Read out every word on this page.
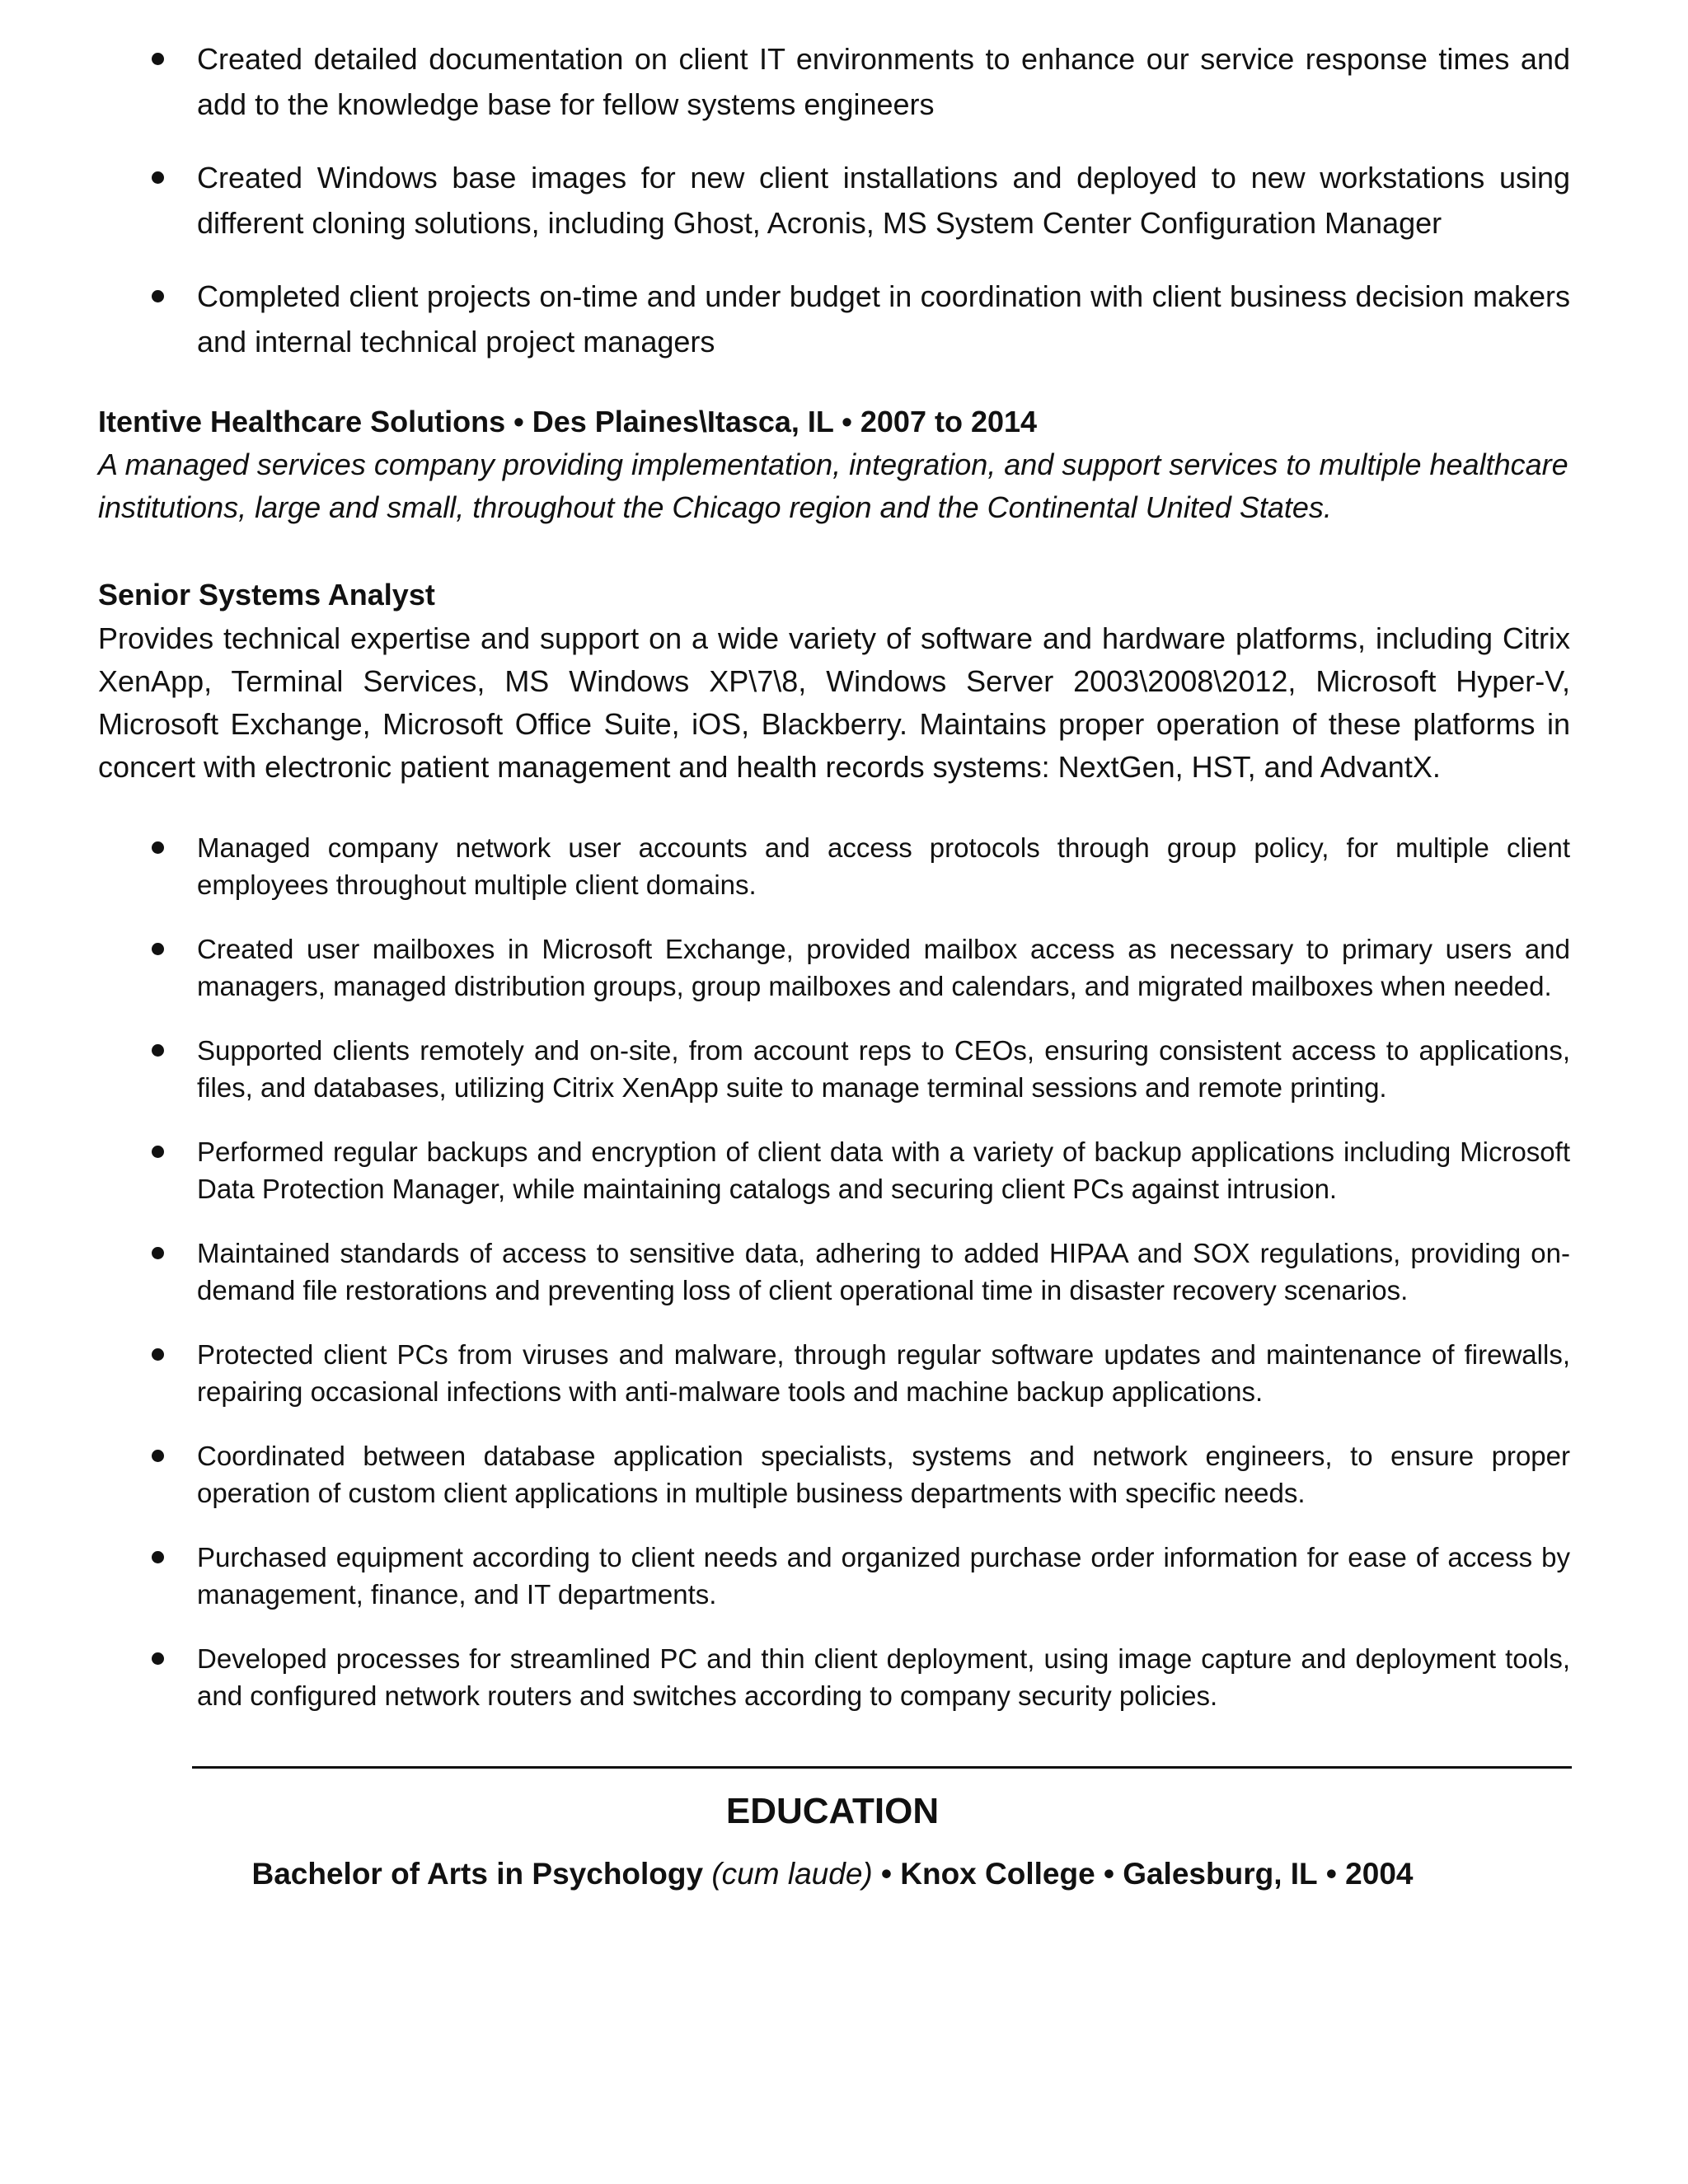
Created detailed documentation on client IT environments to enhance our service response times and add to the knowledge base for fellow systems engineers
Created Windows base images for new client installations and deployed to new workstations using different cloning solutions, including Ghost, Acronis, MS System Center Configuration Manager
Completed client projects on-time and under budget in coordination with client business decision makers and internal technical project managers
Itentive Healthcare Solutions • Des Plaines\Itasca, IL • 2007 to 2014
A managed services company providing implementation, integration, and support services to multiple healthcare institutions, large and small, throughout the Chicago region and the Continental United States.
Senior Systems Analyst
Provides technical expertise and support on a wide variety of software and hardware platforms, including Citrix XenApp, Terminal Services, MS Windows XP\7\8, Windows Server 2003\2008\2012, Microsoft Hyper-V, Microsoft Exchange, Microsoft Office Suite, iOS, Blackberry. Maintains proper operation of these platforms in concert with electronic patient management and health records systems: NextGen, HST, and AdvantX.
Managed company network user accounts and access protocols through group policy, for multiple client employees throughout multiple client domains.
Created user mailboxes in Microsoft Exchange, provided mailbox access as necessary to primary users and managers, managed distribution groups, group mailboxes and calendars, and migrated mailboxes when needed.
Supported clients remotely and on-site, from account reps to CEOs, ensuring consistent access to applications, files, and databases, utilizing Citrix XenApp suite to manage terminal sessions and remote printing.
Performed regular backups and encryption of client data with a variety of backup applications including Microsoft Data Protection Manager, while maintaining catalogs and securing client PCs against intrusion.
Maintained standards of access to sensitive data, adhering to added HIPAA and SOX regulations, providing on-demand file restorations and preventing loss of client operational time in disaster recovery scenarios.
Protected client PCs from viruses and malware, through regular software updates and maintenance of firewalls, repairing occasional infections with anti-malware tools and machine backup applications.
Coordinated between database application specialists, systems and network engineers, to ensure proper operation of custom client applications in multiple business departments with specific needs.
Purchased equipment according to client needs and organized purchase order information for ease of access by management, finance, and IT departments.
Developed processes for streamlined PC and thin client deployment, using image capture and deployment tools, and configured network routers and switches according to company security policies.
EDUCATION
Bachelor of Arts in Psychology (cum laude) • Knox College • Galesburg, IL • 2004
